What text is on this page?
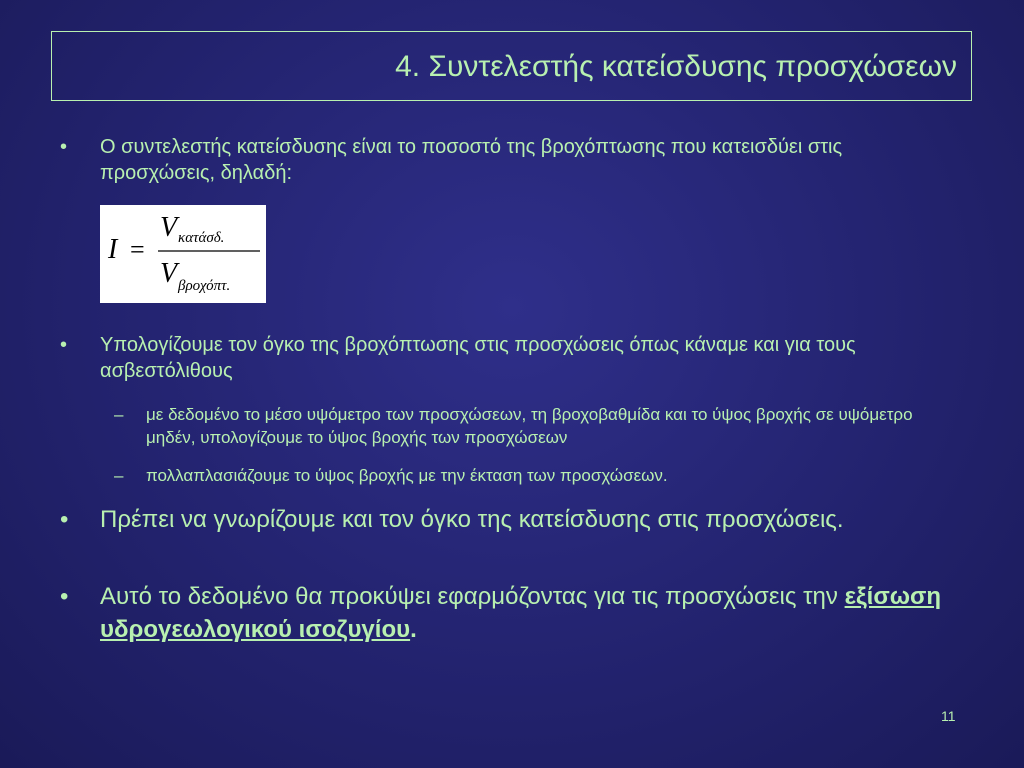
4. Συντελεστής κατείσδυσης προσχώσεων
• Ο συντελεστής κατείσδυσης είναι το ποσοστό της βροχόπτωσης που κατεισδύει στις προσχώσεις, δηλαδή:
I =
V κατάσδ.
V βροχόπτ.
• Υπολογίζουμε τον όγκο της βροχόπτωσης στις προσχώσεις όπως κάναμε και για τους ασβεστόλιθους
– με δεδομένο το μέσο υψόμετρο των προσχώσεων, τη βροχοβαθμίδα και το ύψος βροχής σε υψόμετρο μηδέν, υπολογίζουμε το ύψος βροχής των προσχώσεων
– πολλαπλασιάζουμε το ύψος βροχής με την έκταση των προσχώσεων.
• Πρέπει να γνωρίζουμε και τον όγκο της κατείσδυσης στις προσχώσεις.
• Αυτό το δεδομένο θα προκύψει εφαρμόζοντας για τις προσχώσεις την εξίσωση υδρογεωλογικού ισοζυγίου.
11
